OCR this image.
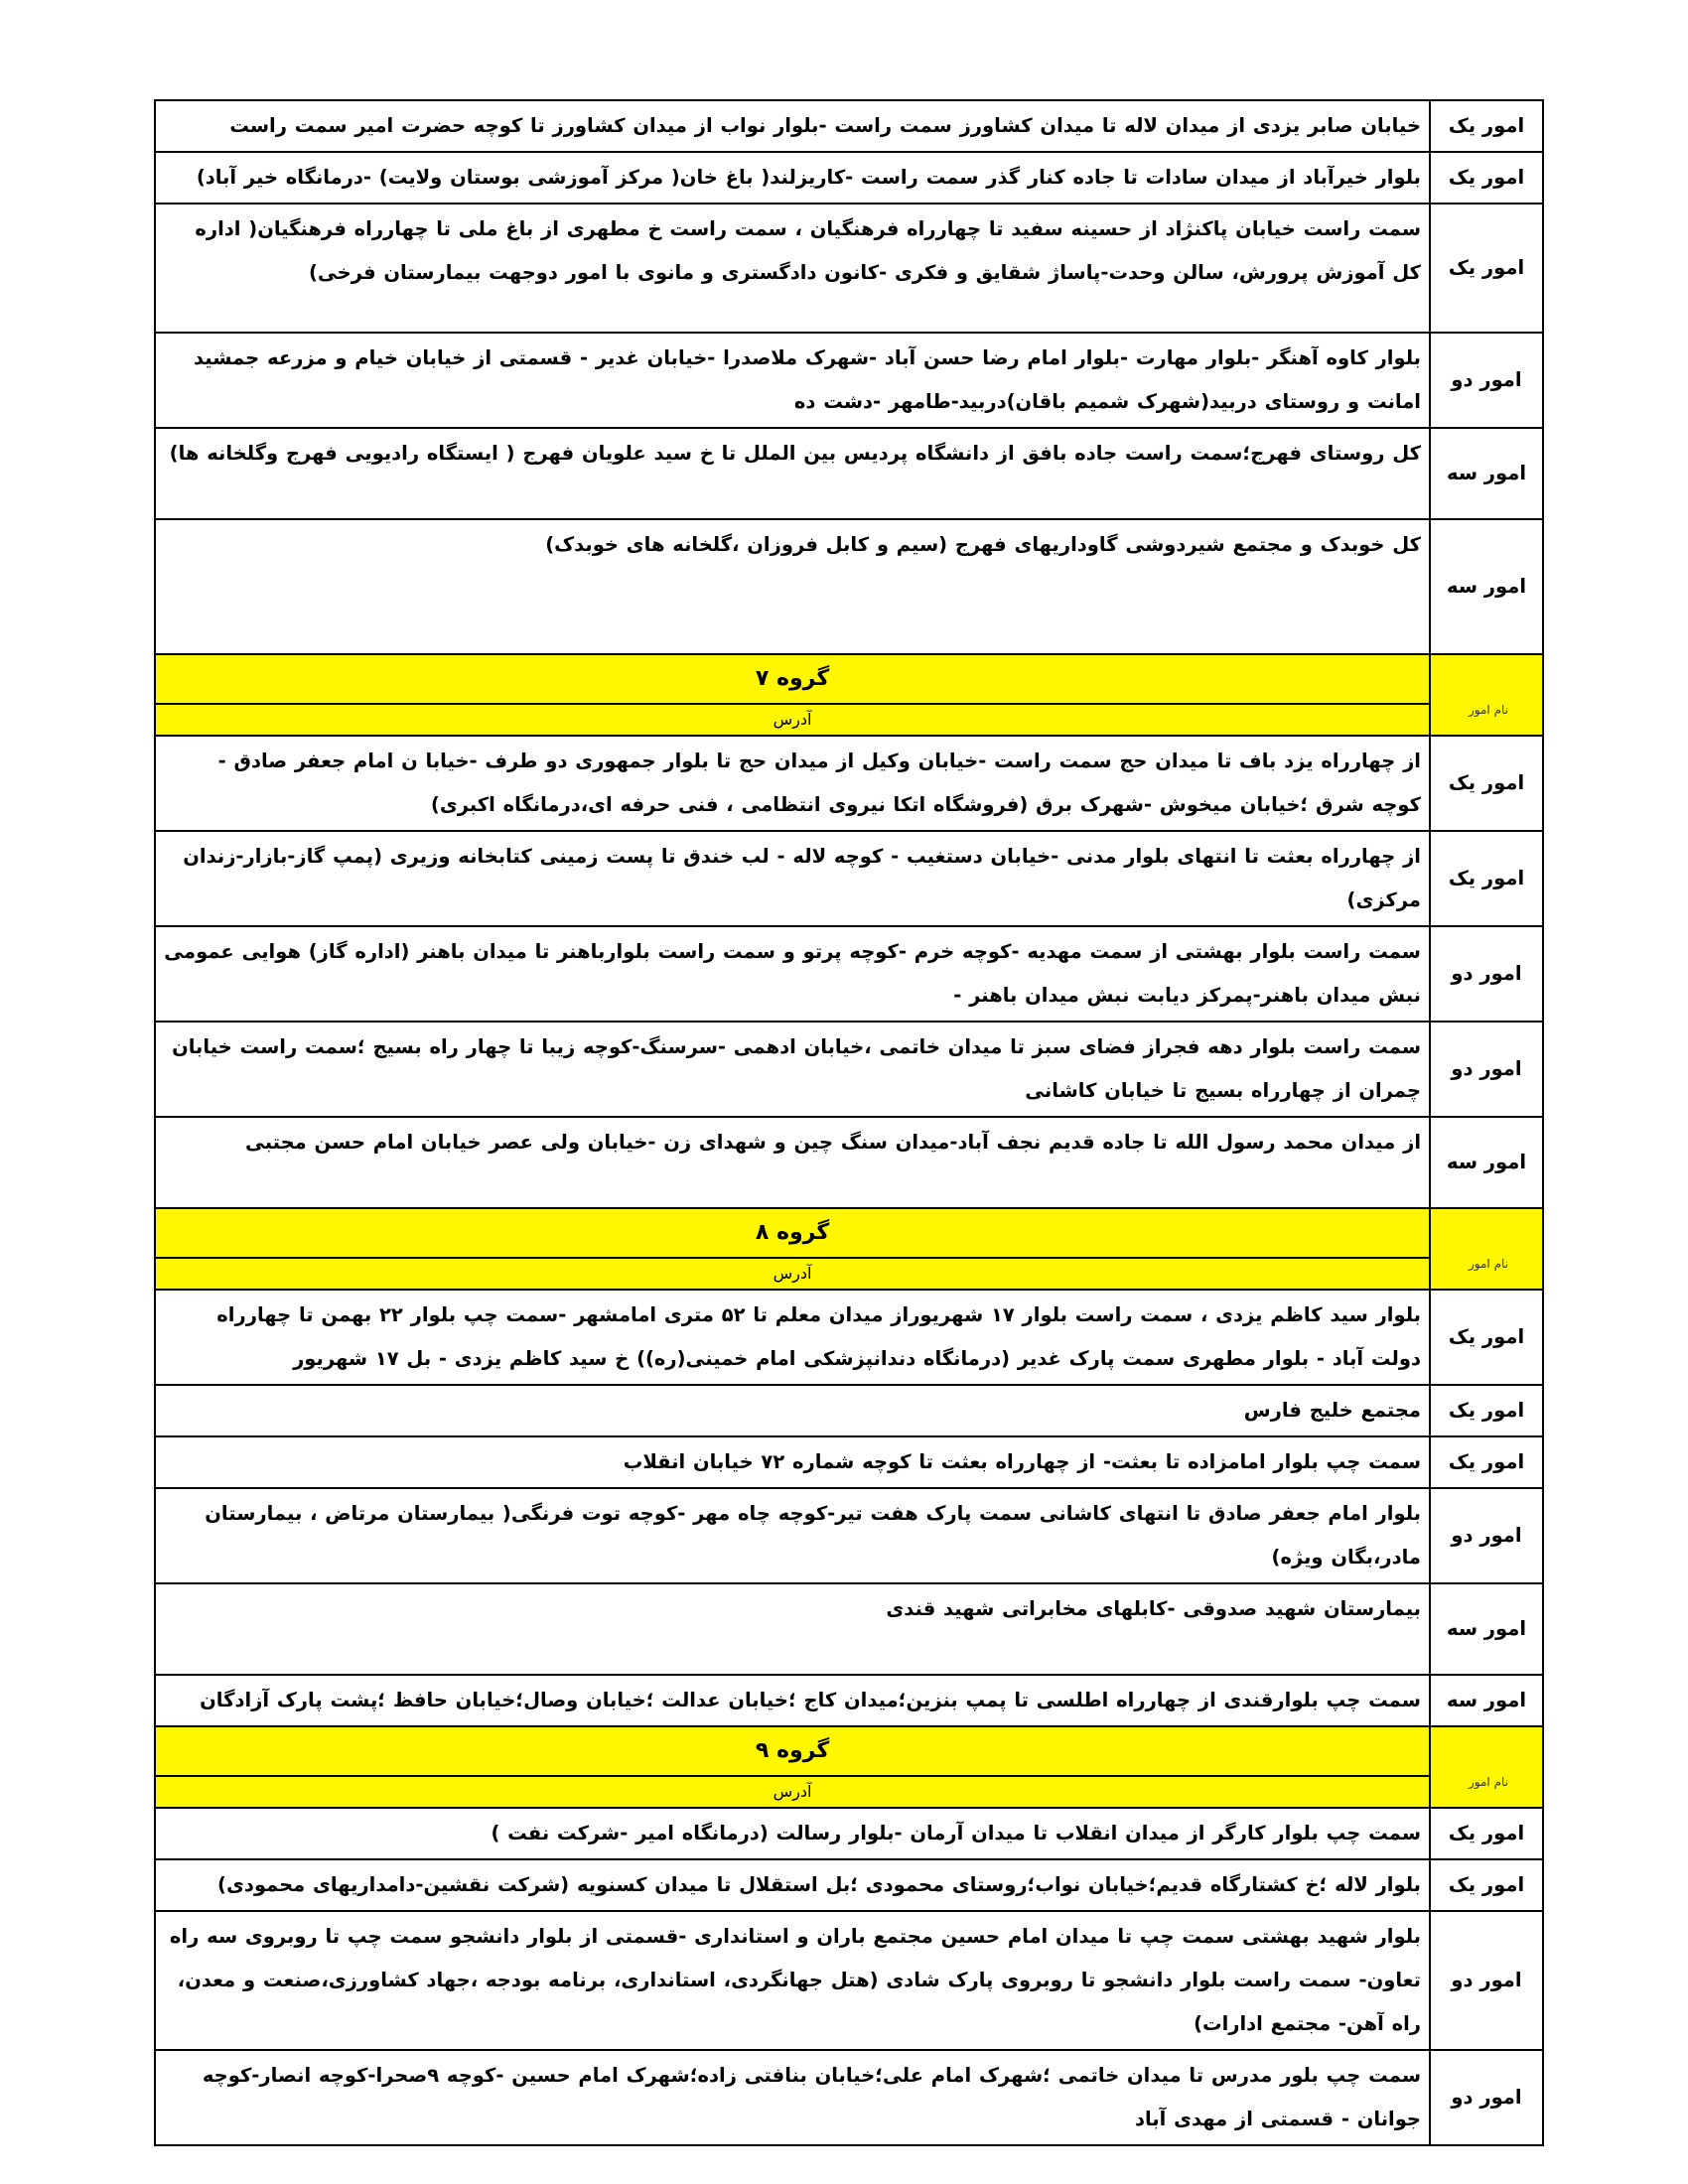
امور یک	خیابان صابر یزدی از میدان لاله تا میدان کشاورز سمت راست -بلوار نواب از میدان کشاورز تا کوچه حضرت امیر سمت راست
امور یک	بلوار خیرآباد از میدان سادات تا جاده کنار گذر سمت راست -کاریزلند( باغ خان( مرکز آموزشی بوستان ولایت) -درمانگاه خیر آباد)
امور یک	سمت راست خیابان پاکنژاد از حسینه سفید تا چهارراه فرهنگیان ، سمت راست خ مطهری از باغ ملی تا چهارراه فرهنگیان( اداره کل آموزش پرورش، سالن وحدت-پاساژ شقایق و فکری -کانون دادگستری و مانوی با امور دوجهت بیمارستان فرخی)
امور دو	بلوار کاوه آهنگر -بلوار مهارت -بلوار امام رضا حسن آباد -شهرک ملاصدرا -خیابان غدیر - قسمتی از خیابان خیام و مزرعه جمشید امانت و روستای دربید(شهرک شمیم باقان)دربید-طامهر -دشت ده
امور سه	کل روستای فهرج؛سمت راست جاده بافق از دانشگاه پردیس بین الملل تا خ سید علویان فهرج ( ایستگاه رادیویی فهرج وگلخانه ها)
امور سه	کل خوبدک و مجتمع شیردوشی گاوداریهای فهرج (سیم و کابل فروزان ،گلخانه های خوبدک)
	گروه ۷
نام امور	آدرس
امور یک	از چهارراه یزد باف تا میدان حج سمت راست -خیابان وکیل از میدان حج تا بلوار جمهوری دو طرف -خیابا ن امام جعفر صادق - کوچه شرق ؛خیابان میخوش -شهرک برق (فروشگاه اتکا نیروی انتظامی ، فنی حرفه ای،درمانگاه اکبری)
امور یک	از چهارراه بعثت تا انتهای بلوار مدنی -خیابان دستغیب - کوچه لاله - لب خندق تا پست زمینی کتابخانه وزیری (پمپ گاز-بازار-زندان مرکزی)
امور دو	سمت راست بلوار بهشتی از سمت مهدیه -کوچه خرم -کوچه پرتو و سمت راست بلوارباهنر تا میدان باهنر (اداره گاز) هوایی عمومی نبش میدان باهنر-پمرکز دیابت نبش میدان باهنر -
امور دو	سمت راست بلوار دهه فجراز فضای سبز تا میدان خاتمی ،خیابان ادهمی -سرسنگ-کوچه زیبا تا چهار راه بسیج ؛سمت راست خیابان چمران از چهارراه بسیج تا خیابان کاشانی
امور سه	از میدان محمد رسول الله تا جاده قدیم نجف آباد-میدان سنگ چین و شهدای زن -خیابان ولی عصر خیابان امام حسن مجتبی
	گروه ۸
نام امور	آدرس
امور یک	بلوار سید کاظم یزدی ، سمت راست بلوار ۱۷ شهریوراز میدان معلم تا ۵۲ متری امامشهر -سمت چپ بلوار ۲۲ بهمن تا چهارراه دولت آباد - بلوار مطهری سمت پارک غدیر (درمانگاه دندانپزشکی امام خمینی(ره)) خ سید کاظم یزدی - بل ۱۷ شهریور
امور یک	مجتمع خلیج فارس
امور یک	سمت چپ بلوار امامزاده تا بعثت- از چهارراه بعثت تا کوچه شماره ۷۲ خیابان انقلاب
امور دو	بلوار امام جعفر صادق تا انتهای کاشانی سمت پارک هفت تیر-کوچه چاه مهر -کوچه توت فرنگی( بیمارستان مرتاض ، بیمارستان مادر،بگان ویژه)
امور سه	بیمارستان شهید صدوقی -کابلهای مخابراتی شهید قندی
امور سه	سمت چپ بلوارقندی از چهارراه اطلسی تا پمپ بنزین؛میدان کاج ؛خیابان عدالت ؛خیابان وصال؛خیابان حافظ ؛پشت پارک آزادگان
	گروه ۹
نام امور	آدرس
امور یک	سمت چپ بلوار کارگر از میدان انقلاب تا میدان آرمان -بلوار رسالت (درمانگاه امیر -شرکت نفت )
امور یک	بلوار لاله ؛خ کشتارگاه قدیم؛خیابان نواب؛روستای محمودی ؛بل استقلال تا میدان کسنویه (شرکت نقشین-دامداریهای محمودی)
امور دو	بلوار شهید بهشتی سمت چپ تا میدان امام حسین مجتمع باران و استانداری -قسمتی از بلوار دانشجو سمت چپ تا روبروی سه راه تعاون- سمت راست بلوار دانشجو تا روبروی پارک شادی (هتل جهانگردی، استانداری، برنامه بودجه ،جهاد کشاورزی،صنعت و معدن، راه آهن- مجتمع ادارات)
امور دو	سمت چپ بلور مدرس تا میدان خاتمی ؛شهرک امام علی؛خیابان بنافتی زاده؛شهرک امام حسین -کوچه ۹صحرا-کوچه انصار-کوچه جوانان - قسمتی از مهدی آباد
